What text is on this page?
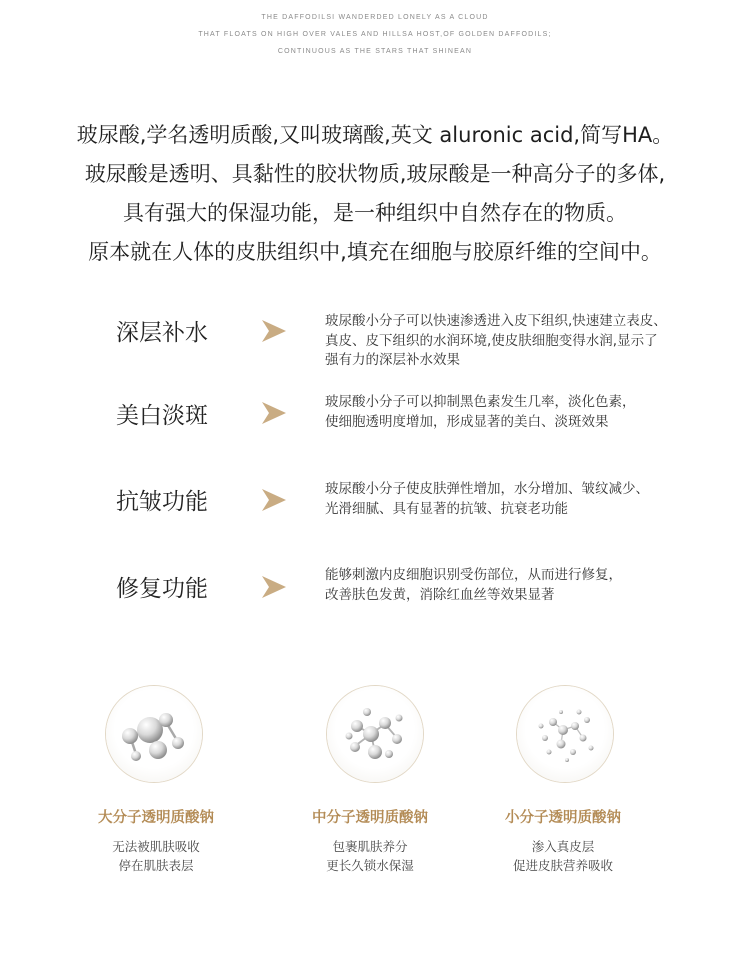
THE DAFFODILSI WANDERDED LONELY AS A CLOUD
THAT FLOATS ON HIGH OVER VALES AND HILLSA HOST,OF GOLDEN DAFFODILS;
CONTINUOUS AS THE STARS THAT SHINEAN
玻尿酸,学名透明质酸,又叫玻璃酸,英文 aluronic acid,简写HA。
玻尿酸是透明、具黏性的胶状物质,玻尿酸是一种高分子的多体,
具有强大的保湿功能，是一种组织中自然存在的物质。
原本就在人体的皮肤组织中,填充在细胞与胶原纤维的空间中。
深层补水	玻尿酸小分子可以快速渗透进入皮下组织,快速建立表皮、
真皮、皮下组织的水润环境,使皮肤细胞变得水润,显示了
强有力的深层补水效果
美白淡斑
玻尿酸小分子可以抑制黑色素发生几率，淡化色素，
使细胞透明度增加，形成显著的美白、淡斑效果
抗皱功能	玻尿酸小分子使皮肤弹性增加，水分增加、皱纹减少、
光滑细腻、具有显著的抗皱、抗衰老功能
修复功能
能够刺激内皮细胞识别受伤部位，从而进行修复，
改善肤色发黄，消除红血丝等效果显著
大分子透明质酸钠
无法被肌肤吸收
停在肌肤表层
中分子透明质酸钠
包裹肌肤养分
更长久锁水保湿
小分子透明质酸钠
渗入真皮层
促进皮肤营养吸收
